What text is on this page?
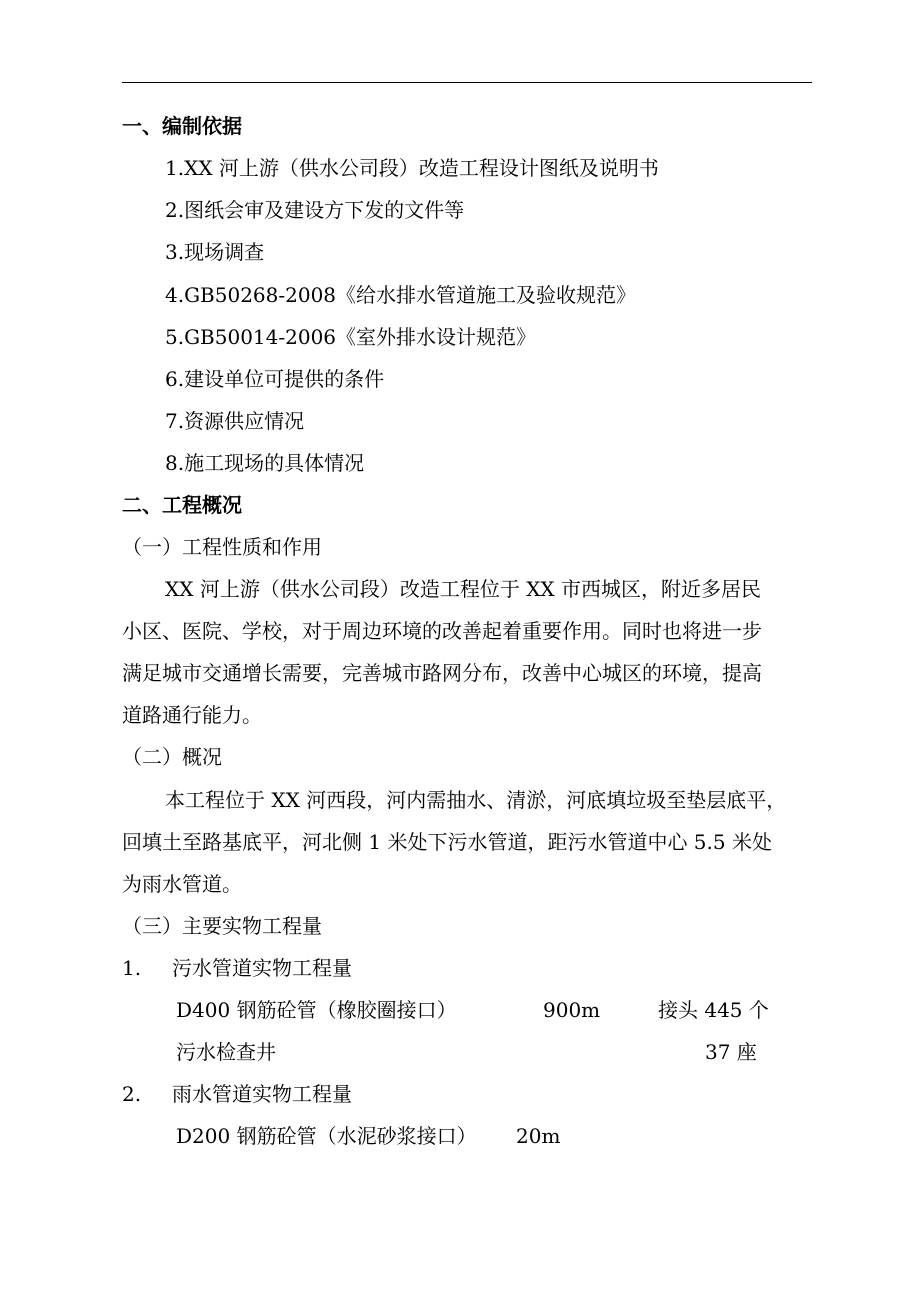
一、编制依据
1.XX 河上游（供水公司段）改造工程设计图纸及说明书
2.图纸会审及建设方下发的文件等
3.现场调查
4.GB50268-2008《给水排水管道施工及验收规范》
5.GB50014-2006《室外排水设计规范》
6.建设单位可提供的条件
7.资源供应情况
8.施工现场的具体情况
二、工程概况
（一）工程性质和作用
XX 河上游（供水公司段）改造工程位于 XX 市西城区，附近多居民
小区、医院、学校，对于周边环境的改善起着重要作用。同时也将进一步
满足城市交通增长需要，完善城市路网分布，改善中心城区的环境，提高
道路通行能力。
（二）概况
本工程位于 XX 河西段，河内需抽水、清淤，河底填垃圾至垫层底平，
回填土至路基底平，河北侧 1 米处下污水管道，距污水管道中心 5.5 米处
为雨水管道。
（三）主要实物工程量
1. 污水管道实物工程量
D400 钢筋砼管（橡胶圈接口）	900m	接头 445 个
污水检查井	37 座
2. 雨水管道实物工程量
D200 钢筋砼管（水泥砂浆接口） 20m
